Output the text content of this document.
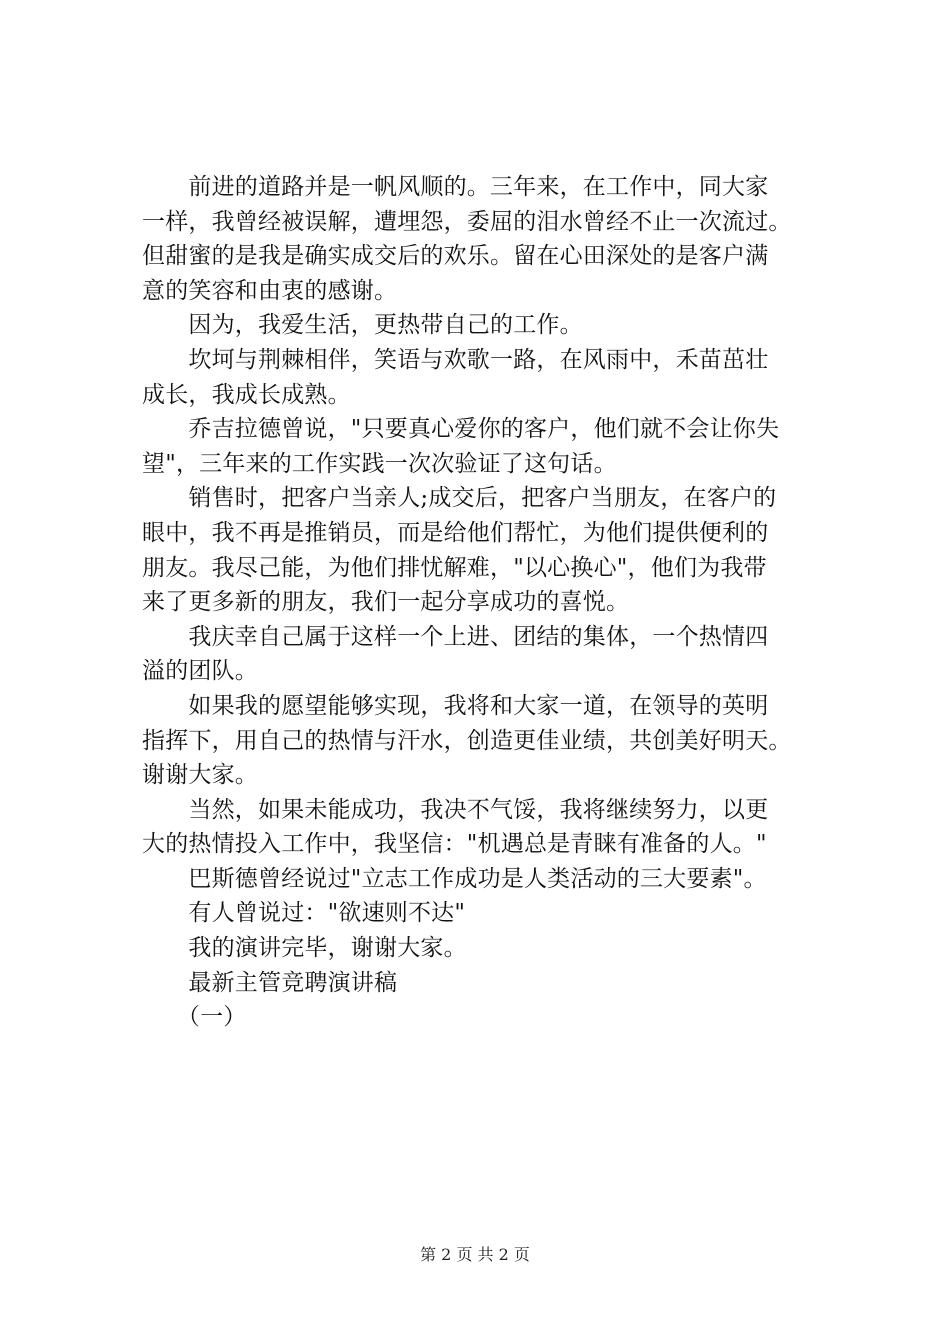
　　前进的道路并是一帆风顺的。三年来，在工作中，同大家
一样，我曾经被误解，遭埋怨，委屈的泪水曾经不止一次流过。
但甜蜜的是我是确实成交后的欢乐。留在心田深处的是客户满
意的笑容和由衷的感谢。
　　因为，我爱生活，更热带自己的工作。
　　坎坷与荆棘相伴，笑语与欢歌一路，在风雨中，禾苗茁壮
成长，我成长成熟。
　　乔吉拉德曾说，"只要真心爱你的客户，他们就不会让你失
望"，三年来的工作实践一次次验证了这句话。
　　销售时，把客户当亲人;成交后，把客户当朋友，在客户的
眼中，我不再是推销员，而是给他们帮忙，为他们提供便利的
朋友。我尽己能，为他们排忧解难，"以心换心"，他们为我带
来了更多新的朋友，我们一起分享成功的喜悦。
　　我庆幸自己属于这样一个上进、团结的集体，一个热情四
溢的团队。
　　如果我的愿望能够实现，我将和大家一道，在领导的英明
指挥下，用自己的热情与汗水，创造更佳业绩，共创美好明天。
谢谢大家。
　　当然，如果未能成功，我决不气馁，我将继续努力，以更
大的热情投入工作中，我坚信："机遇总是青睐有准备的人。"
　　巴斯德曾经说过"立志工作成功是人类活动的三大要素"。
　　有人曾说过："欲速则不达"
　　我的演讲完毕，谢谢大家。
　　最新主管竞聘演讲稿
　　（一）
第 2 页 共 2 页
